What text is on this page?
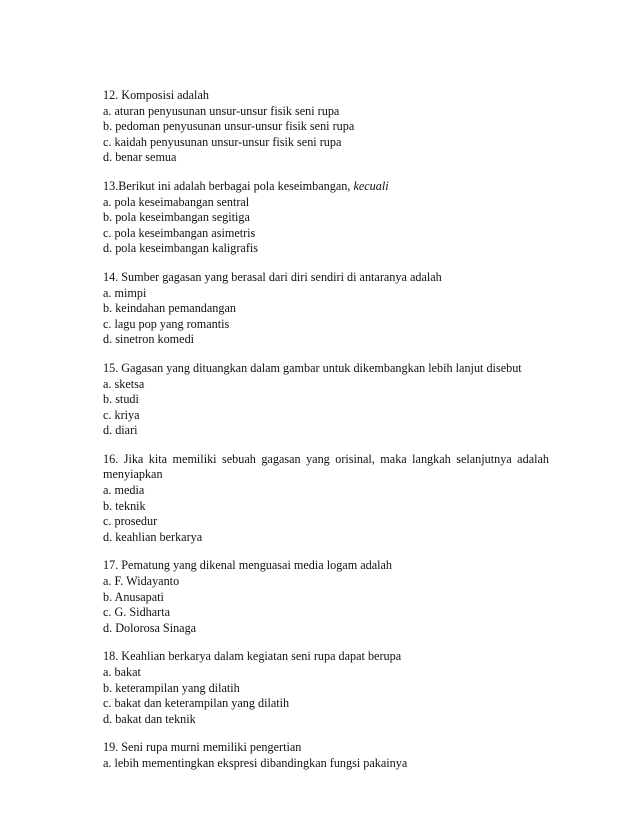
12. Komposisi adalah

a. aturan penyusunan unsur-unsur fisik seni rupa

b. pedoman penyusunan unsur-unsur fisik seni rupa

c. kaidah penyusunan unsur-unsur fisik seni rupa

d. benar semua

13.Berikut ini adalah berbagai pola keseimbangan, kecuali

a. pola keseimabangan sentral

b. pola keseimbangan segitiga

c. pola keseimbangan asimetris

d. pola keseimbangan kaligrafis

14. Sumber gagasan yang berasal dari diri sendiri di antaranya adalah

a. mimpi

b. keindahan pemandangan

c. lagu pop yang romantis

d. sinetron komedi

15. Gagasan yang dituangkan dalam gambar untuk dikembangkan lebih lanjut disebut

a. sketsa

b. studi

c. kriya

d. diari

16. Jika kita memiliki sebuah gagasan yang orisinal, maka langkah selanjutnya adalah

menyiapkan

a. media

b. teknik

c. prosedur

d. keahlian berkarya

17. Pematung yang dikenal menguasai media logam adalah

a. F. Widayanto

b. Anusapati

c. G. Sidharta

d. Dolorosa Sinaga

18. Keahlian berkarya dalam kegiatan seni rupa dapat berupa

a. bakat

b. keterampilan yang dilatih

c. bakat dan keterampilan yang dilatih

d. bakat dan teknik

19. Seni rupa murni memiliki pengertian

a. lebih mementingkan ekspresi dibandingkan fungsi pakainya
